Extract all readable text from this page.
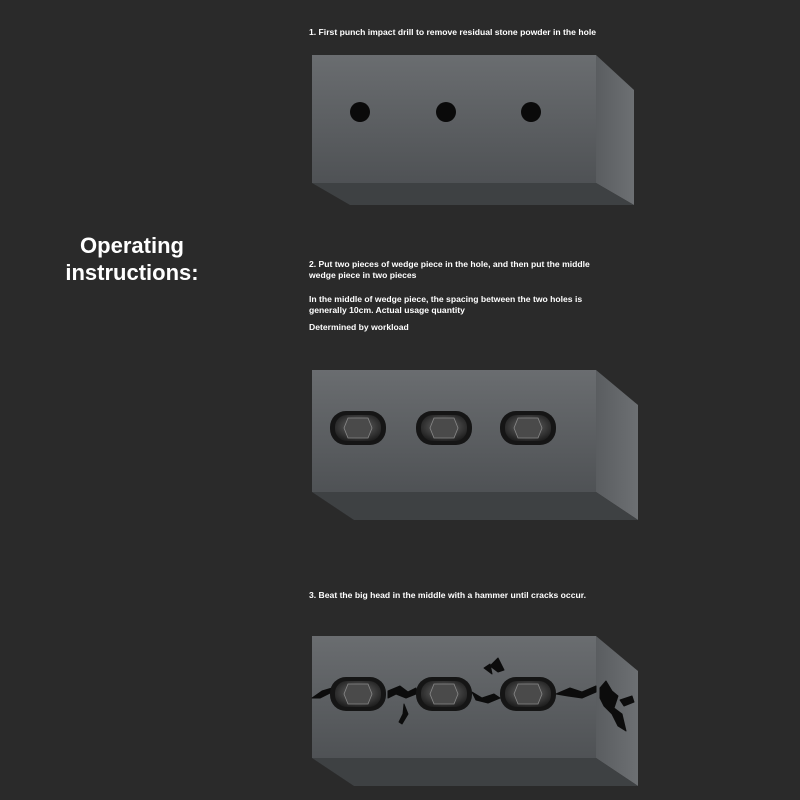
Operating instructions:

1. First punch impact drill to remove residual stone powder in the hole

2. Put two pieces of wedge piece in the hole, and then put the middle wedge piece in two pieces

In the middle of wedge piece, the spacing between the two holes is generally 10cm. Actual usage quantity

Determined by workload

3. Beat the big head in the middle with a hammer until cracks occur.
